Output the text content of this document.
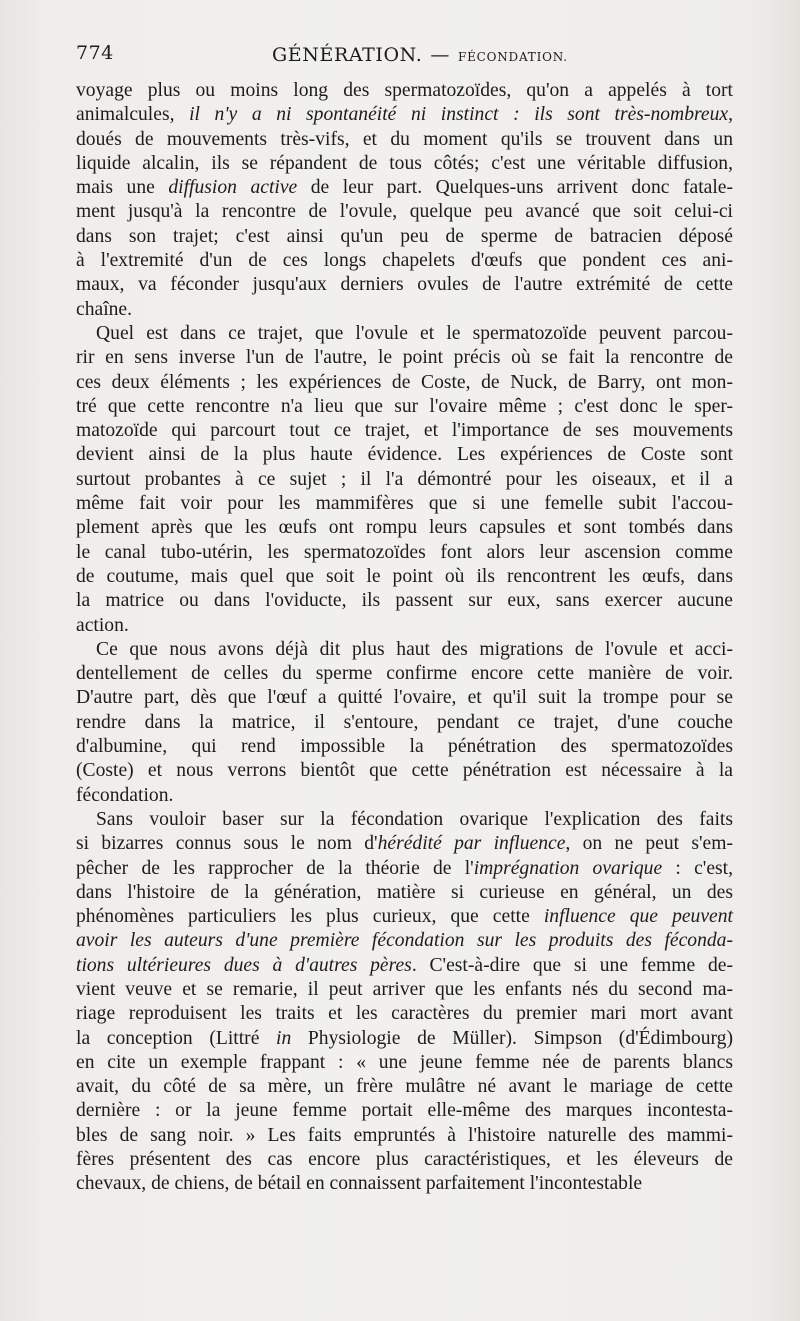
774	GÉNÉRATION. — FÉCONDATION.
voyage plus ou moins long des spermatozoïdes, qu'on a appelés à tort
animalcules, il n'y a ni spontanéité ni instinct : ils sont très-nombreux,
doués de mouvements très-vifs, et du moment qu'ils se trouvent dans un
liquide alcalin, ils se répandent de tous côtés; c'est une véritable diffusion,
mais une diffusion active de leur part. Quelques-uns arrivent donc fatale-
ment jusqu'à la rencontre de l'ovule, quelque peu avancé que soit celui-ci
dans son trajet; c'est ainsi qu'un peu de sperme de batracien déposé
à l'extremité d'un de ces longs chapelets d'œufs que pondent ces ani-
maux, va féconder jusqu'aux derniers ovules de l'autre extrémité de cette
chaîne.
Quel est dans ce trajet, que l'ovule et le spermatozoïde peuvent parcou-
rir en sens inverse l'un de l'autre, le point précis où se fait la rencontre de
ces deux éléments ; les expériences de Coste, de Nuck, de Barry, ont mon-
tré que cette rencontre n'a lieu que sur l'ovaire même ; c'est donc le sper-
matozoïde qui parcourt tout ce trajet, et l'importance de ses mouvements
devient ainsi de la plus haute évidence. Les expériences de Coste sont
surtout probantes à ce sujet ; il l'a démontré pour les oiseaux, et il a
même fait voir pour les mammifères que si une femelle subit l'accou-
plement après que les œufs ont rompu leurs capsules et sont tombés dans
le canal tubo-utérin, les spermatozoïdes font alors leur ascension comme
de coutume, mais quel que soit le point où ils rencontrent les œufs, dans
la matrice ou dans l'oviducte, ils passent sur eux, sans exercer aucune
action.
Ce que nous avons déjà dit plus haut des migrations de l'ovule et acci-
dentellement de celles du sperme confirme encore cette manière de voir.
D'autre part, dès que l'œuf a quitté l'ovaire, et qu'il suit la trompe pour se
rendre dans la matrice, il s'entoure, pendant ce trajet, d'une couche
d'albumine, qui rend impossible la pénétration des spermatozoïdes
(Coste) et nous verrons bientôt que cette pénétration est nécessaire à la
fécondation.
Sans vouloir baser sur la fécondation ovarique l'explication des faits
si bizarres connus sous le nom d'hérédité par influence, on ne peut s'em-
pêcher de les rapprocher de la théorie de l'imprégnation ovarique : c'est,
dans l'histoire de la génération, matière si curieuse en général, un des
phénomènes particuliers les plus curieux, que cette influence que peuvent
avoir les auteurs d'une première fécondation sur les produits des féconda-
tions ultérieures dues à d'autres pères. C'est-à-dire que si une femme de-
vient veuve et se remarie, il peut arriver que les enfants nés du second ma-
riage reproduisent les traits et les caractères du premier mari mort avant
la conception (Littré in Physiologie de Müller). Simpson (d'Édimbourg)
en cite un exemple frappant : « une jeune femme née de parents blancs
avait, du côté de sa mère, un frère mulâtre né avant le mariage de cette
dernière : or la jeune femme portait elle-même des marques incontesta-
bles de sang noir. » Les faits empruntés à l'histoire naturelle des mammi-
fères présentent des cas encore plus caractéristiques, et les éleveurs de
chevaux, de chiens, de bétail en connaissent parfaitement l'incontestable
